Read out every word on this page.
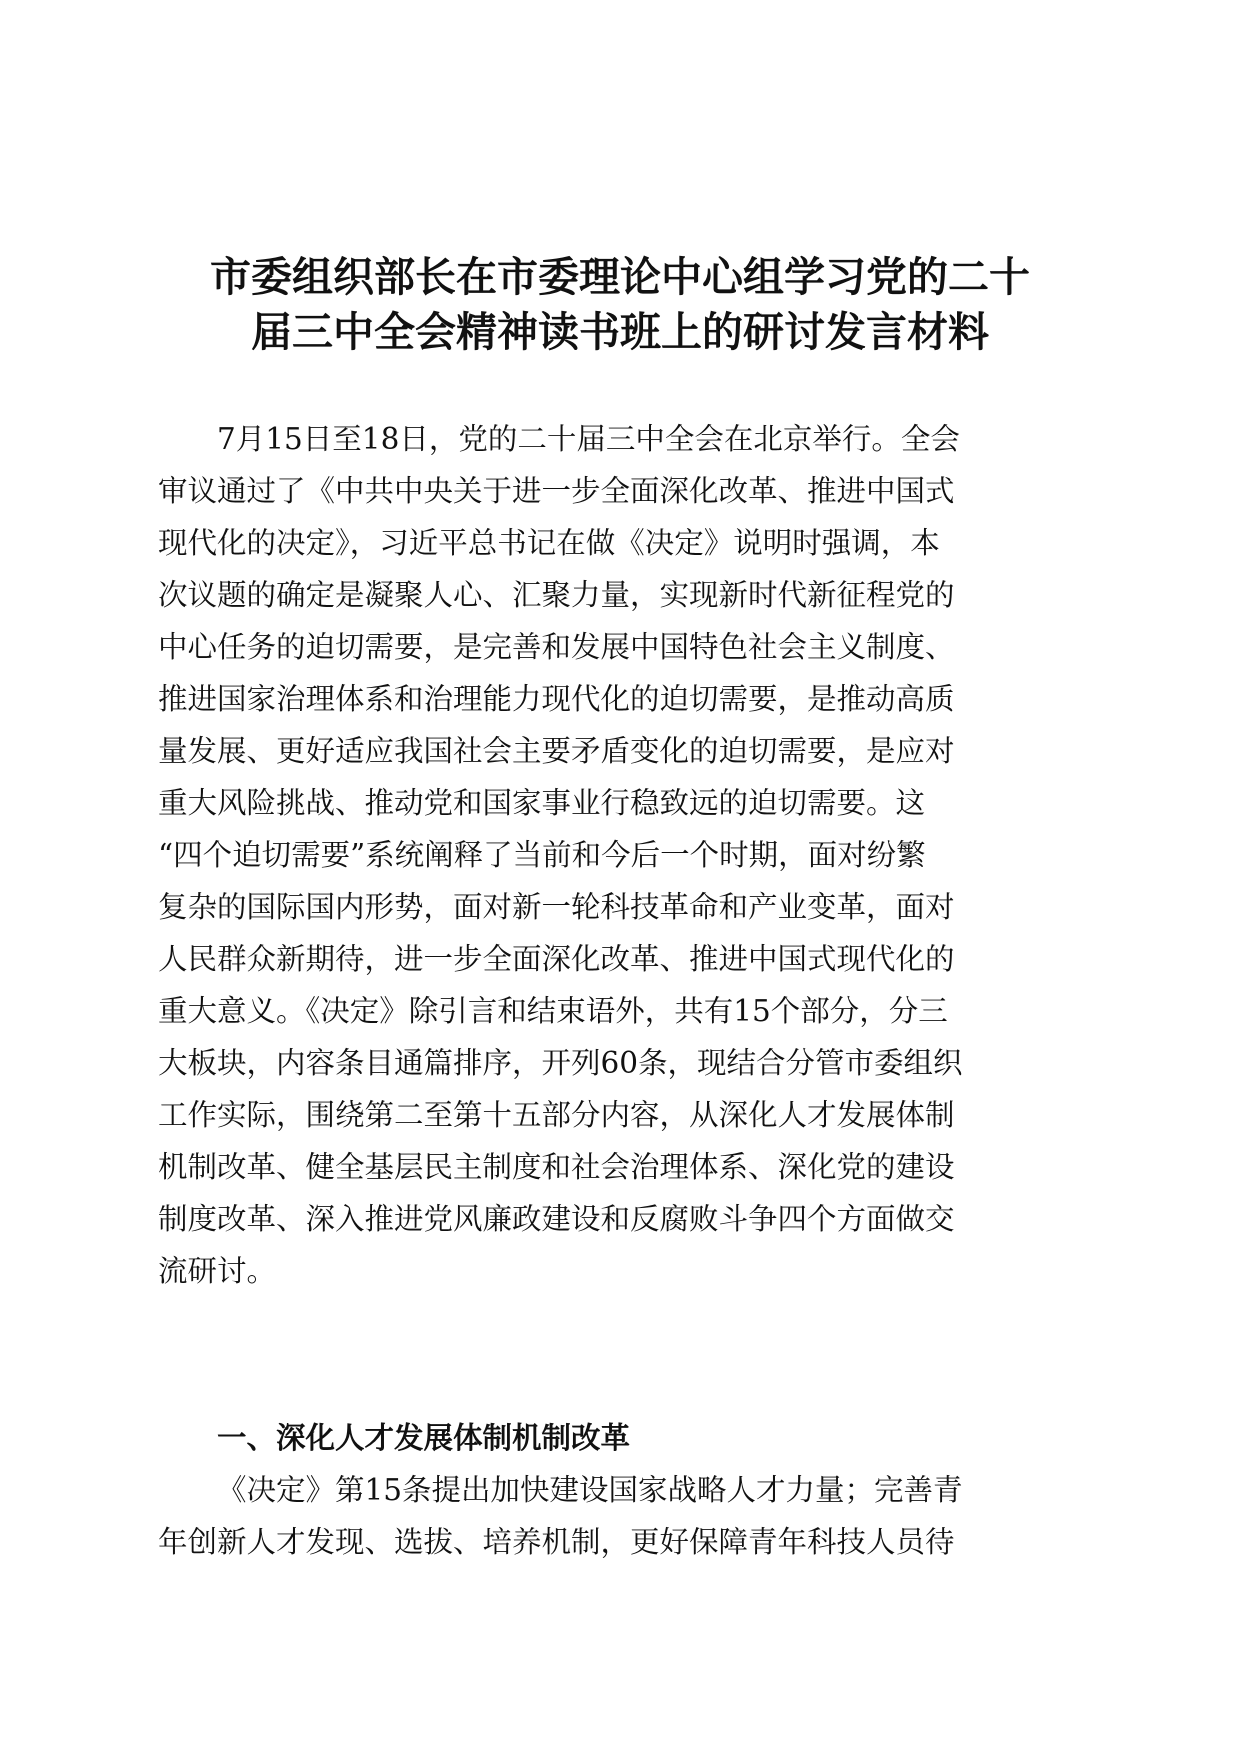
市委组织部长在市委理论中心组学习党的二十
届三中全会精神读书班上的研讨发言材料
7月15日至18日，党的二十届三中全会在北京举行。全会
审议通过了《中共中央关于进一步全面深化改革、推进中国式
现代化的决定》，习近平总书记在做《决定》说明时强调，本
次议题的确定是凝聚人心、汇聚力量，实现新时代新征程党的
中心任务的迫切需要，是完善和发展中国特色社会主义制度、
推进国家治理体系和治理能力现代化的迫切需要，是推动高质
量发展、更好适应我国社会主要矛盾变化的迫切需要，是应对
重大风险挑战、推动党和国家事业行稳致远的迫切需要。这
“四个迫切需要”系统阐释了当前和今后一个时期，面对纷繁
复杂的国际国内形势，面对新一轮科技革命和产业变革，面对
人民群众新期待，进一步全面深化改革、推进中国式现代化的
重大意义。《决定》除引言和结束语外，共有15个部分，分三
大板块，内容条目通篇排序，开列60条，现结合分管市委组织
工作实际，围绕第二至第十五部分内容，从深化人才发展体制
机制改革、健全基层民主制度和社会治理体系、深化党的建设
制度改革、深入推进党风廉政建设和反腐败斗争四个方面做交
流研讨。
一、深化人才发展体制机制改革
《决定》第15条提出加快建设国家战略人才力量；完善青
年创新人才发现、选拔、培养机制，更好保障青年科技人员待
